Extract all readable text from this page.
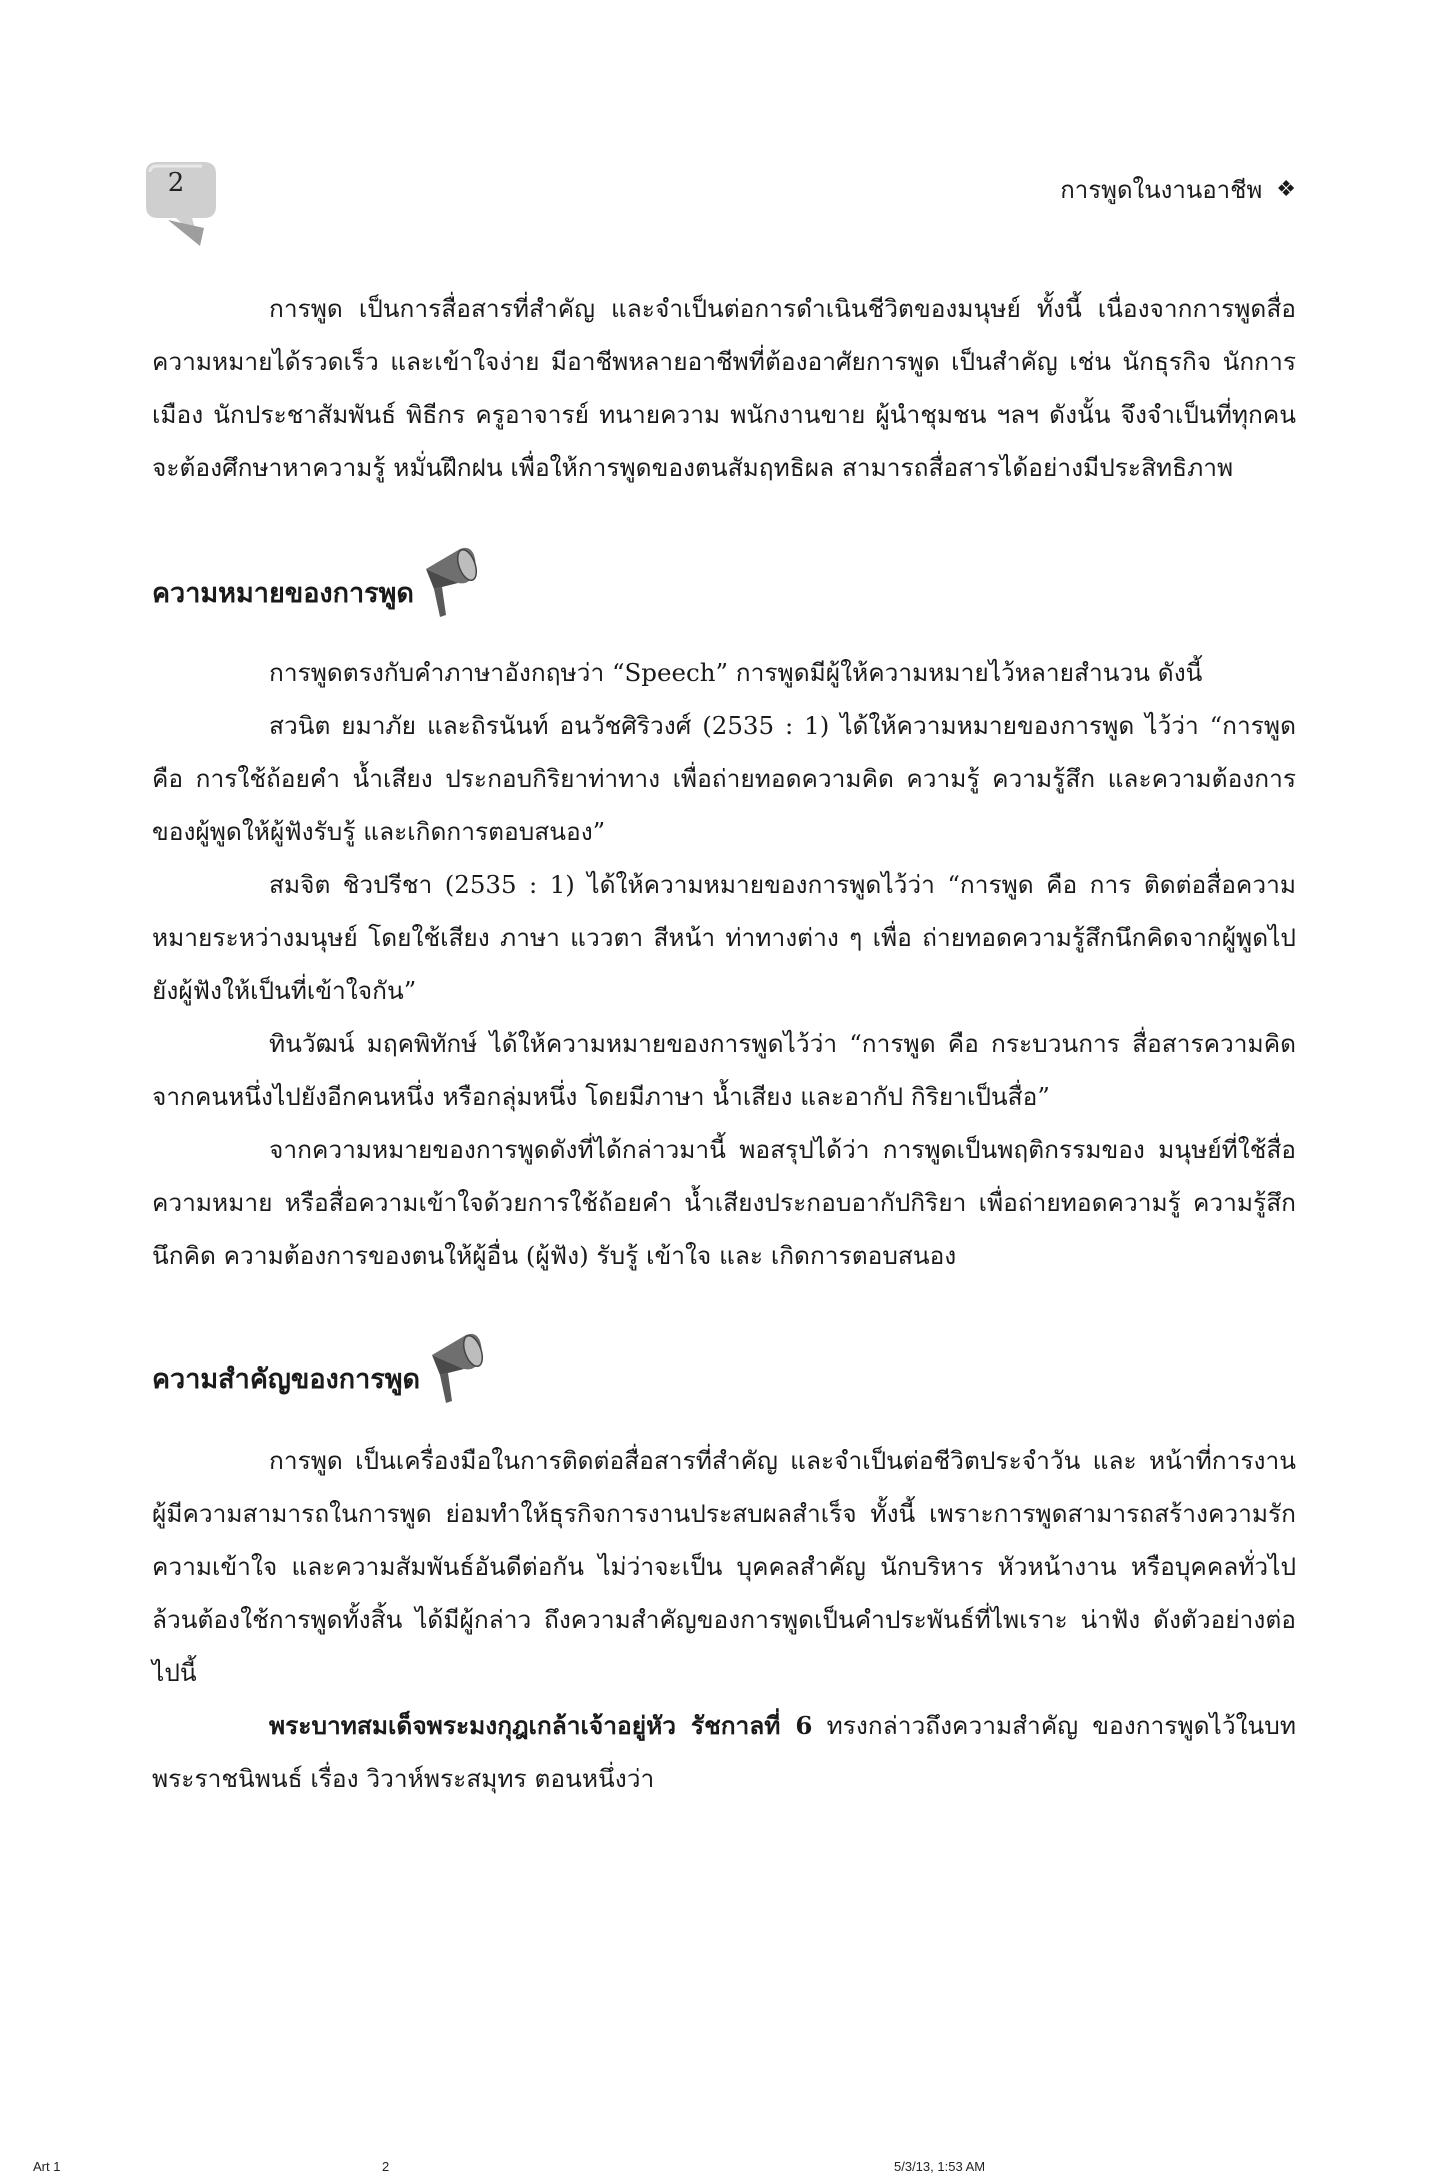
2	การพูดในงานอาชีพ ❖

การพูด เป็นการสื่อสารที่สำคัญ และจำเป็นต่อการดำเนินชีวิตของมนุษย์ ทั้งนี้ เนื่องจากการพูดสื่อความหมายได้รวดเร็ว และเข้าใจง่าย มีอาชีพหลายอาชีพที่ต้องอาศัยการพูด เป็นสำคัญ เช่น นักธุรกิจ นักการเมือง นักประชาสัมพันธ์ พิธีกร ครูอาจารย์ ทนายความ พนักงานขาย ผู้นำชุมชน ฯลฯ ดังนั้น จึงจำเป็นที่ทุกคนจะต้องศึกษาหาความรู้ หมั่นฝึกฝน เพื่อให้การพูดของตนสัมฤทธิผล สามารถสื่อสารได้อย่างมีประสิทธิภาพ

ความหมายของการพูด

การพูดตรงกับคำภาษาอังกฤษว่า “Speech” การพูดมีผู้ให้ความหมายไว้หลายสำนวน ดังนี้

สวนิต ยมาภัย และถิรนันท์ อนวัชศิริวงศ์ (2535 : 1) ได้ให้ความหมายของการพูด ไว้ว่า “การพูด คือ การใช้ถ้อยคำ น้ำเสียง ประกอบกิริยาท่าทาง เพื่อถ่ายทอดความคิด ความรู้ ความรู้สึก และความต้องการของผู้พูดให้ผู้ฟังรับรู้ และเกิดการตอบสนอง”

สมจิต ชิวปรีชา (2535 : 1) ได้ให้ความหมายของการพูดไว้ว่า “การพูด คือ การ ติดต่อสื่อความหมายระหว่างมนุษย์ โดยใช้เสียง ภาษา แววตา สีหน้า ท่าทางต่าง ๆ เพื่อ ถ่ายทอดความรู้สึกนึกคิดจากผู้พูดไปยังผู้ฟังให้เป็นที่เข้าใจกัน”

ทินวัฒน์ มฤคพิทักษ์ ได้ให้ความหมายของการพูดไว้ว่า “การพูด คือ กระบวนการ สื่อสารความคิดจากคนหนึ่งไปยังอีกคนหนึ่ง หรือกลุ่มหนึ่ง โดยมีภาษา น้ำเสียง และอากัป กิริยาเป็นสื่อ”

จากความหมายของการพูดดังที่ได้กล่าวมานี้ พอสรุปได้ว่า การพูดเป็นพฤติกรรมของ มนุษย์ที่ใช้สื่อความหมาย หรือสื่อความเข้าใจด้วยการใช้ถ้อยคำ น้ำเสียงประกอบอากัปกิริยา เพื่อถ่ายทอดความรู้ ความรู้สึกนึกคิด ความต้องการของตนให้ผู้อื่น (ผู้ฟัง) รับรู้ เข้าใจ และ เกิดการตอบสนอง

ความสำคัญของการพูด

การพูด เป็นเครื่องมือในการติดต่อสื่อสารที่สำคัญ และจำเป็นต่อชีวิตประจำวัน และ หน้าที่การงาน ผู้มีความสามารถในการพูด ย่อมทำให้ธุรกิจการงานประสบผลสำเร็จ ทั้งนี้ เพราะการพูดสามารถสร้างความรัก ความเข้าใจ และความสัมพันธ์อันดีต่อกัน ไม่ว่าจะเป็น บุคคลสำคัญ นักบริหาร หัวหน้างาน หรือบุคคลทั่วไป ล้วนต้องใช้การพูดทั้งสิ้น ได้มีผู้กล่าว ถึงความสำคัญของการพูดเป็นคำประพันธ์ที่ไพเราะ น่าฟัง ดังตัวอย่างต่อไปนี้

พระบาทสมเด็จพระมงกุฎเกล้าเจ้าอยู่หัว รัชกาลที่ 6 ทรงกล่าวถึงความสำคัญ ของการพูดไว้ในบทพระราชนิพนธ์ เรื่อง วิวาห์พระสมุทร ตอนหนึ่งว่า

Art 1	2	5/3/13, 1:53 AM
